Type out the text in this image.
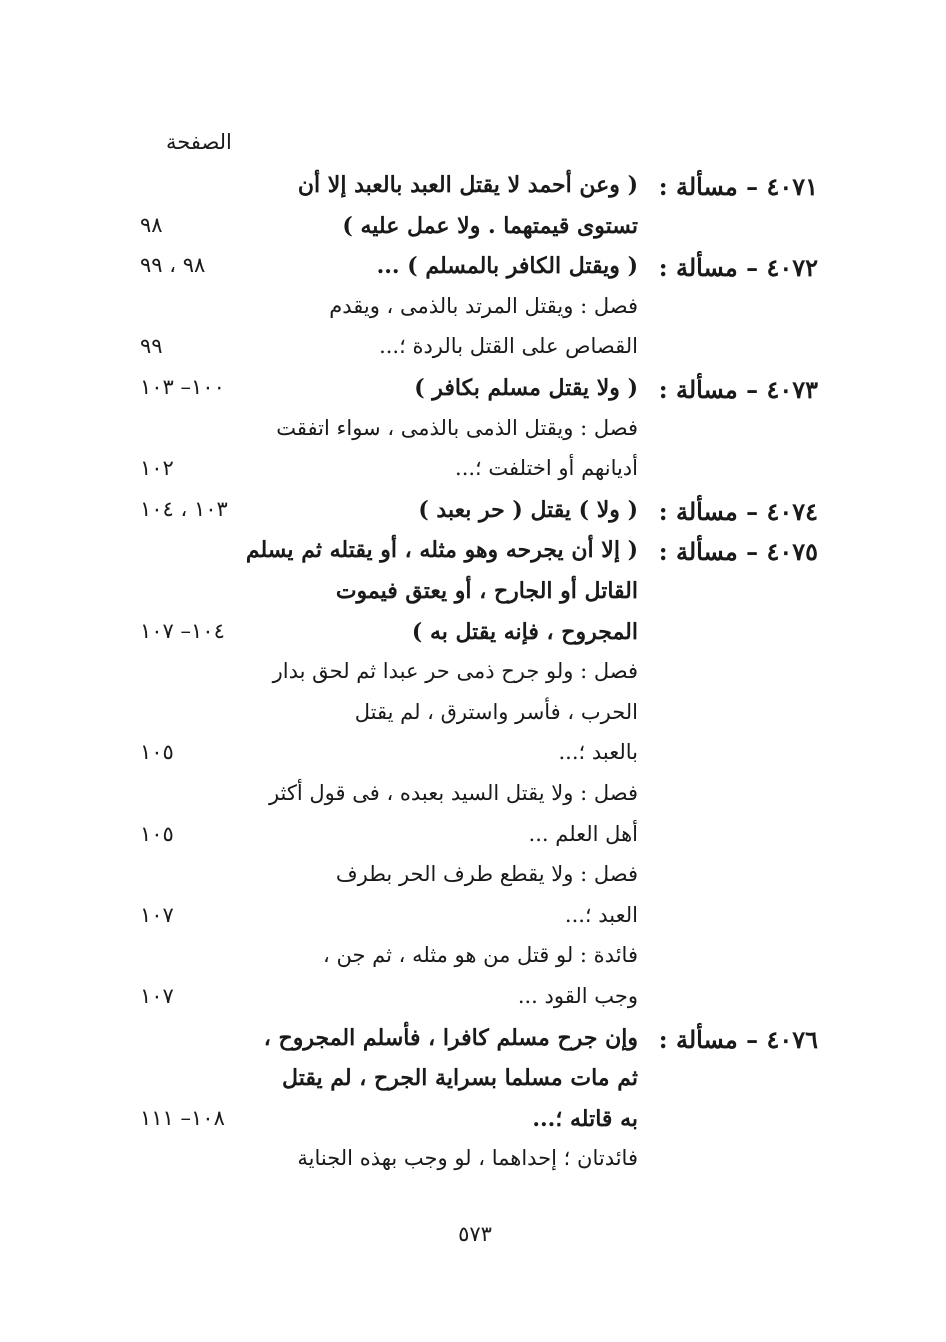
الصفحة
٤٠٧١ – مسألة :
( وعن أحمد لا يقتل العبد بالعبد إلا أن
تستوى قيمتهما . ولا عمل عليه )
٩٨
٤٠٧٢ – مسألة :
( ويقتل الكافر بالمسلم ) ...
٩٨ ، ٩٩
فصل : ويقتل المرتد بالذمى ، ويقدم
القصاص على القتل بالردة ؛...
٩٩
٤٠٧٣ – مسألة :
( ولا يقتل مسلم بكافر )
١٠٠– ١٠٣
فصل : ويقتل الذمى بالذمى ، سواء اتفقت
أديانهم أو اختلفت ؛...
١٠٢
٤٠٧٤ – مسألة :
( ولا ) يقتل ( حر بعبد )
١٠٣ ، ١٠٤
٤٠٧٥ – مسألة :
( إلا أن يجرحه وهو مثله ، أو يقتله ثم يسلم
القاتل أو الجارح ، أو يعتق فيموت
المجروح ، فإنه يقتل به )
١٠٤– ١٠٧
فصل : ولو جرح ذمى حر عبدا ثم لحق بدار
الحرب ، فأسر واسترق ، لم يقتل
بالعبد ؛...
١٠٥
فصل : ولا يقتل السيد بعبده ، فى قول أكثر
أهل العلم ...
١٠٥
فصل : ولا يقطع طرف الحر بطرف
العبد ؛...
١٠٧
فائدة : لو قتل من هو مثله ، ثم جن ،
وجب القود ...
١٠٧
٤٠٧٦ – مسألة :
وإن جرح مسلم كافرا ، فأسلم المجروح ،
ثم مات مسلما بسراية الجرح ، لم يقتل
به قاتله ؛...
١٠٨– ١١١
فائدتان ؛ إحداهما ، لو وجب بهذه الجناية
٥٧٣
